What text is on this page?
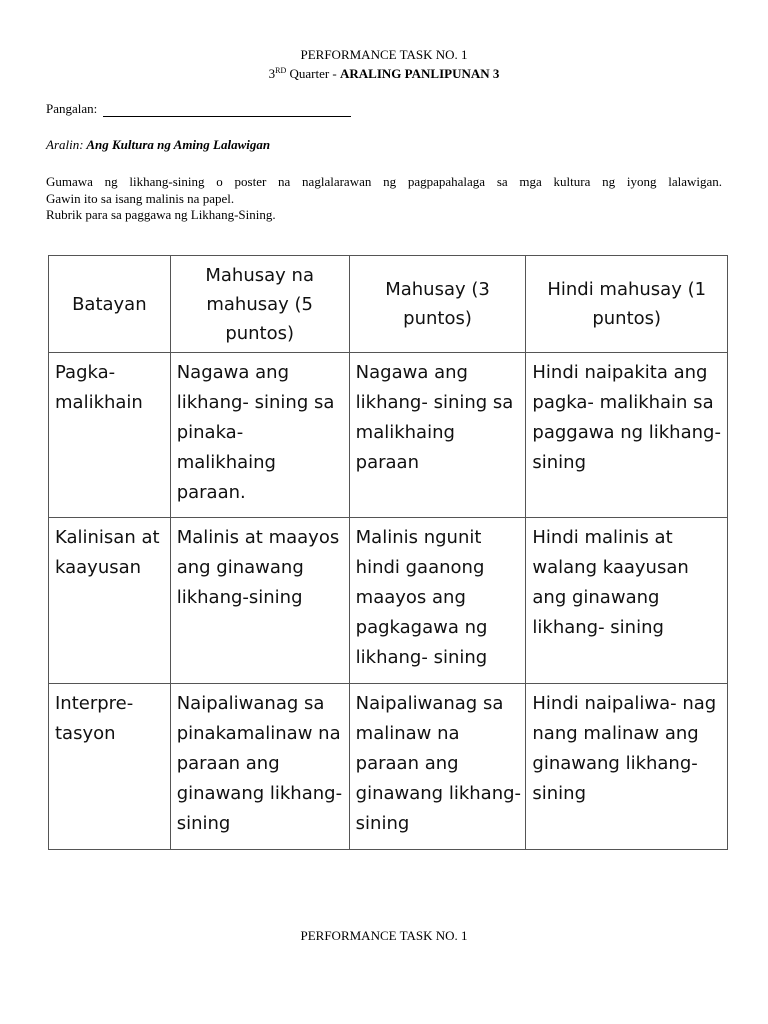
PERFORMANCE TASK NO. 1
3RD Quarter - ARALING PANLIPUNAN 3
Pangalan:
Aralin: Ang Kultura ng Aming Lalawigan
Gumawa ng likhang-sining o poster na naglalarawan ng pagpapahalaga sa mga kultura ng iyong lalawigan.
Gawin ito sa isang malinis na papel.
Rubrik para sa paggawa ng Likhang-Sining.
Batayan	Mahusay na mahusay (5 puntos)	Mahusay (3 puntos)	Hindi mahusay (1 puntos)
Pagka- malikhain	Nagawa ang likhang- sining sa pinaka- malikhaing paraan.	Nagawa ang likhang- sining sa malikhaing paraan	Hindi naipakita ang pagka- malikhain sa paggawa ng likhang-sining
Kalinisan at kaayusan	Malinis at maayos ang ginawang likhang-sining	Malinis ngunit hindi gaanong maayos ang pagkagawa ng likhang- sining	Hindi malinis at walang kaayusan ang ginawang likhang- sining
Interpre- tasyon	Naipaliwanag sa pinakamalinaw na paraan ang ginawang likhang- sining	Naipaliwanag sa malinaw na paraan ang ginawang likhang- sining	Hindi naipaliwa- nag nang malinaw ang ginawang likhang-sining
PERFORMANCE TASK NO. 1
